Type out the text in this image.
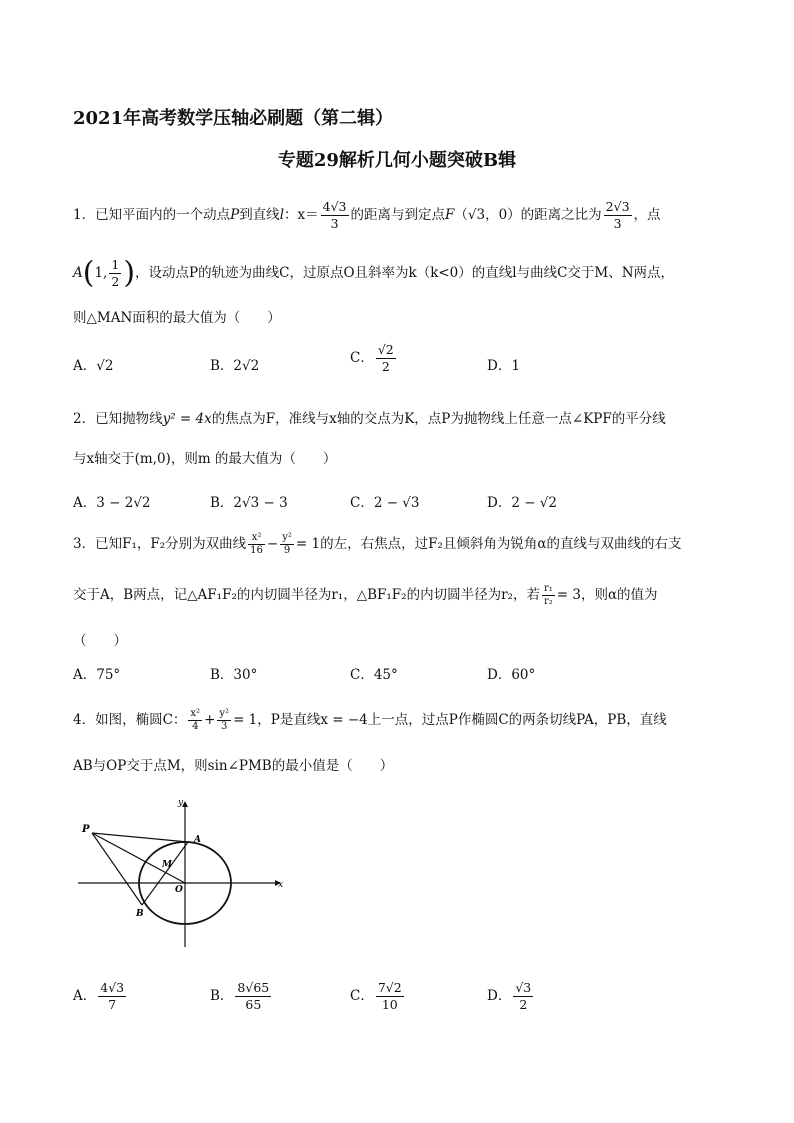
2021年高考数学压轴必刷题（第二辑）
专题29解析几何小题突破B辑
1．已知平面内的一个动点P到直线l：$x= \frac{4√3}{3}$ 的距离与到定点F（√3，0）的距离之比为 $\frac{2√3}{3}$ ，点
A(1, $\frac{1}{2}$ )，设动点P的轨迹为曲线C，过原点O且斜率为k（k<0）的直线l与曲线C交于M、N两点，
则△MAN面积的最大值为（　　）
A．√2	B．2√2	C． $\frac{√2}{2}$	D．1
2．已知抛物线y² = 4x的焦点为F，准线与x轴的交点为K，点P为抛物线上任意一点∠KPF的平分线
与x轴交于(m,0)，则m 的最大值为（　　）
A．3 − 2√2	B．2√3 − 3	C．2 − √3	D．2 − √2
3．已知F₁，F₂分别为双曲线 $\frac{\text{x²}}{16} - \frac{\text{y²}}{9} = 1$的左，右焦点，过F₂且倾斜角为锐角α的直线与双曲线的右支
交于A，B两点，记△AF₁F₂的内切圆半径为r₁，△BF₁F₂的内切圆半径为r₂，若 $\frac{\text{r₁}}{\text{r₂}} = 3$，则α的值为
（　　）
A．75°	B．30°	C．45°	D．60°
4．如图，椭圆C： $\frac{\text{x²}}{4} + \frac{\text{y²}}{3} = 1$，P是直线x = −4上一点，过点P作椭圆C的两条切线PA，PB，直线
AB与OP交于点M，则sin∠PMB的最小值是（　　）
P
A
M
O
B
x
y
A． $\frac{4√3}{7}$	B． $\frac{8√65}{65}$	C． $\frac{7√2}{10}$	D． $\frac{√3}{2}$
